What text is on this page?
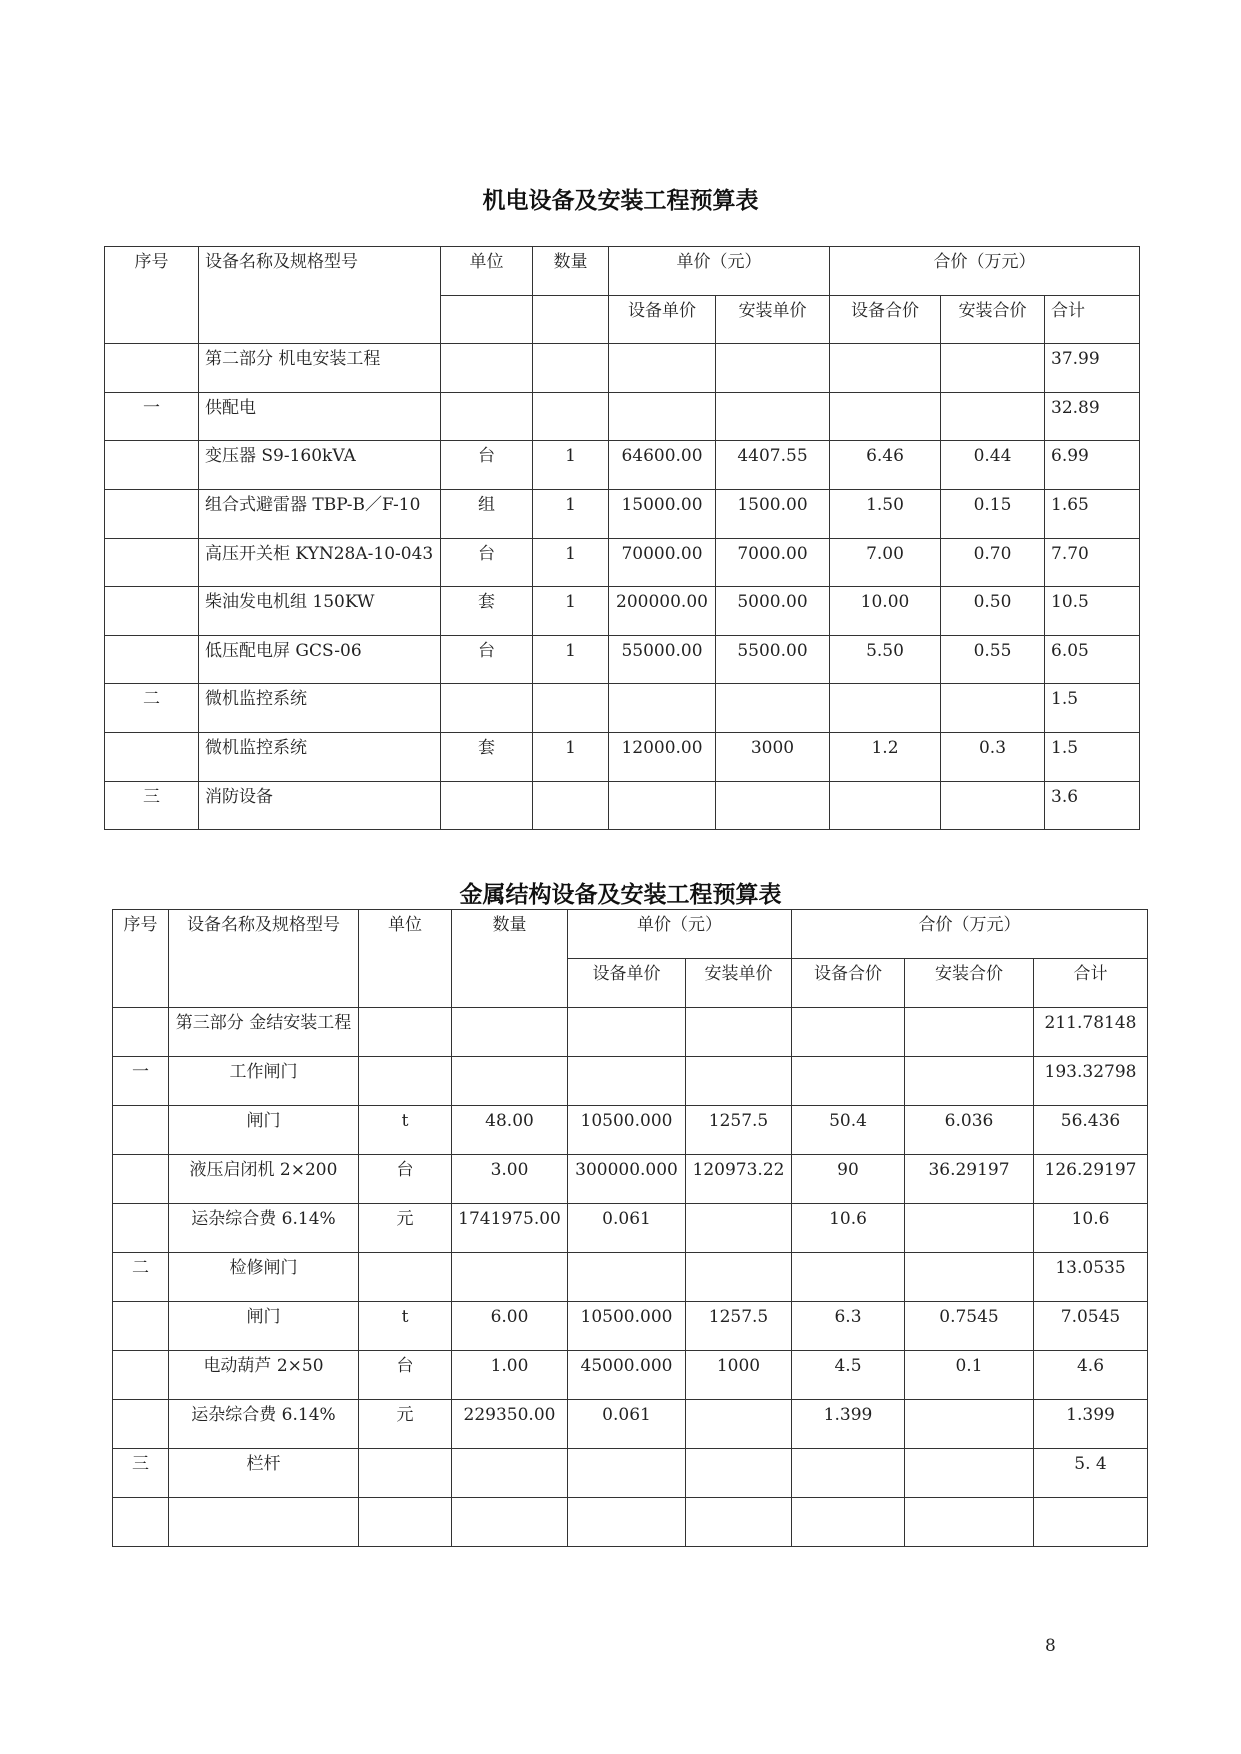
机电设备及安装工程预算表
序号	设备名称及规格型号	单位	数量	单价（元）		合价（万元）		
				设备单价	安装单价	设备合价	安装合价	合计
	第二部分 机电安装工程							37.99
一	供配电							32.89
	变压器 S9-160kVA	台	1	64600.00	4407.55	6.46	0.44	6.99
	组合式避雷器 TBP-B／F-10	组	1	15000.00	1500.00	1.50	0.15	1.65
	高压开关柜 KYN28A-10-043	台	1	70000.00	7000.00	7.00	0.70	7.70
	柴油发电机组 150KW	套	1	200000.00	5000.00	10.00	0.50	10.5
	低压配电屏 GCS-06	台	1	55000.00	5500.00	5.50	0.55	6.05
二	微机监控系统							1.5
	微机监控系统	套	1	12000.00	3000	1.2	0.3	1.5
三	消防设备							3.6
金属结构设备及安装工程预算表
序号	设备名称及规格型号	单位	数量	单价（元）		合价（万元）		
				设备单价	安装单价	设备合价	安装合价	合计
	第三部分 金结安装工程							211.78148
一	工作闸门							193.32798
	闸门	t	48.00	10500.000	1257.5	50.4	6.036	56.436
	液压启闭机 2×200	台	3.00	300000.000	120973.22	90	36.29197	126.29197
	运杂综合费 6.14%	元	1741975.00	0.061		10.6		10.6
二	检修闸门							13.0535
	闸门	t	6.00	10500.000	1257.5	6.3	0.7545	7.0545
	电动葫芦 2×50	台	1.00	45000.000	1000	4.5	0.1	4.6
	运杂综合费 6.14%	元	229350.00	0.061		1.399		1.399
三	栏杆							5. 4

8
